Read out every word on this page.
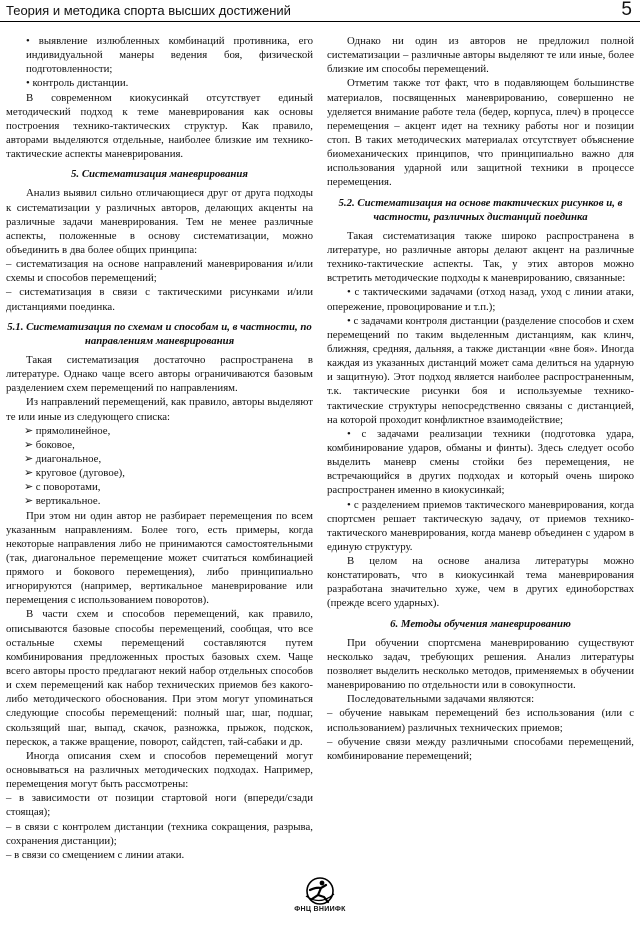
Теория и методика спорта высших достижений	5

• выявление излюбленных комбинаций противника, его индивидуальной манеры ведения боя, физической подготовленности;

• контроль дистанции.

В современном киокусинкай отсутствует единый методический подход к теме маневрирования как основы построения технико-тактических структур. Как правило, авторами выделяются отдельные, наиболее близкие им технико-тактические аспекты маневрирования.

5. Систематизация маневрирования

Анализ выявил сильно отличающиеся друг от друга подходы к систематизации у различных авторов, делающих акценты на различные задачи маневрирования. Тем не менее различные аспекты, положенные в основу систематизации, можно объединить в два более общих принципа:

– систематизация на основе направлений маневрирования и/или схемы и способов перемещений;

– систематизация в связи с тактическими рисунками и/или дистанциями поединка.

5.1. Систематизация по схемам и способам и, в частности, по направлениям маневрирования

Такая систематизация достаточно распространена в литературе. Однако чаще всего авторы ограничиваются базовым разделением схем перемещений по направлениям.

Из направлений перемещений, как правило, авторы выделяют те или иные из следующего списка:

➢ прямолинейное,

➢ боковое,

➢ диагональное,

➢ круговое (дуговое),

➢ с поворотами,

➢ вертикальное.

При этом ни один автор не разбирает перемещения по всем указанным направлениям. Более того, есть примеры, когда некоторые направления либо не принимаются самостоятельными (так, диагональное перемещение может считаться комбинацией прямого и бокового перемещения), либо принципиально игнорируются (например, вертикальное маневрирование или перемещения с использованием поворотов).

В части схем и способов перемещений, как правило, описываются базовые способы перемещений, сообщая, что все остальные схемы перемещений составляются путем комбинирования предложенных простых базовых схем. Чаще всего авторы просто предлагают некий набор отдельных способов и схем перемещений как набор технических приемов без какого-либо методического обоснования. При этом могут упоминаться следующие способы перемещений: полный шаг, шаг, подшаг, скользящий шаг, выпад, скачок, разножка, прыжок, подскок, перескок, а также вращение, поворот, сайдстеп, тай-сабаки и др.

Иногда описания схем и способов перемещений могут основываться на различных методических подходах. Например, перемещения могут быть рассмотрены:

– в зависимости от позиции стартовой ноги (впереди/сзади стоящая);

– в связи с контролем дистанции (техника сокращения, разрыва, сохранения дистанции);

– в связи со смещением с линии атаки.

Однако ни один из авторов не предложил полной систематизации – различные авторы выделяют те или иные, более близкие им способы перемещений.

Отметим также тот факт, что в подавляющем большинстве материалов, посвященных маневрированию, совершенно не уделяется внимание работе тела (бедер, корпуса, плеч) в процессе перемещения – акцент идет на технику работы ног и позиции стоп. В таких методических материалах отсутствует объяснение биомеханических принципов, что принципиально важно для использования ударной или защитной техники в процессе перемещения.

5.2. Систематизация на основе тактических рисунков и, в частности, различных дистанций поединка

Такая систематизация также широко распространена в литературе, но различные авторы делают акцент на различные технико-тактические аспекты. Так, у этих авторов можно встретить методические подходы к маневрированию, связанные:

• с тактическими задачами (отход назад, уход с линии атаки, опережение, провоцирование и т.п.);

• с задачами контроля дистанции (разделение способов и схем перемещений по таким выделенным дистанциям, как клинч, ближняя, средняя, дальняя, а также дистанции «вне боя». Иногда каждая из указанных дистанций может сама делиться на ударную и защитную). Этот подход является наиболее распространенным, т.к. тактические рисунки боя и используемые технико-тактические структуры непосредственно связаны с дистанцией, на которой проходит конфликтное взаимодействие;

• с задачами реализации техники (подготовка удара, комбинирование ударов, обманы и финты). Здесь следует особо выделить маневр смены стойки без перемещения, не встречающийся в других подходах и который очень широко распространен именно в киокусинкай;

• с разделением приемов тактического маневрирования, когда спортсмен решает тактическую задачу, от приемов технико-тактического маневрирования, когда маневр объединен с ударом в единую структуру.

В целом на основе анализа литературы можно констатировать, что в киокусинкай тема маневрирования разработана значительно хуже, чем в других единоборствах (прежде всего ударных).

6. Методы обучения маневрированию

При обучении спортсмена маневрированию существуют несколько задач, требующих решения. Анализ литературы позволяет выделить несколько методов, применяемых в обучении маневрированию по отдельности или в совокупности.

Последовательными задачами являются:

– обучение навыкам перемещений без использования (или с использованием) различных технических приемов;

– обучение связи между различными способами перемещений, комбинирование перемещений;

ФНЦ ВНИИФК
